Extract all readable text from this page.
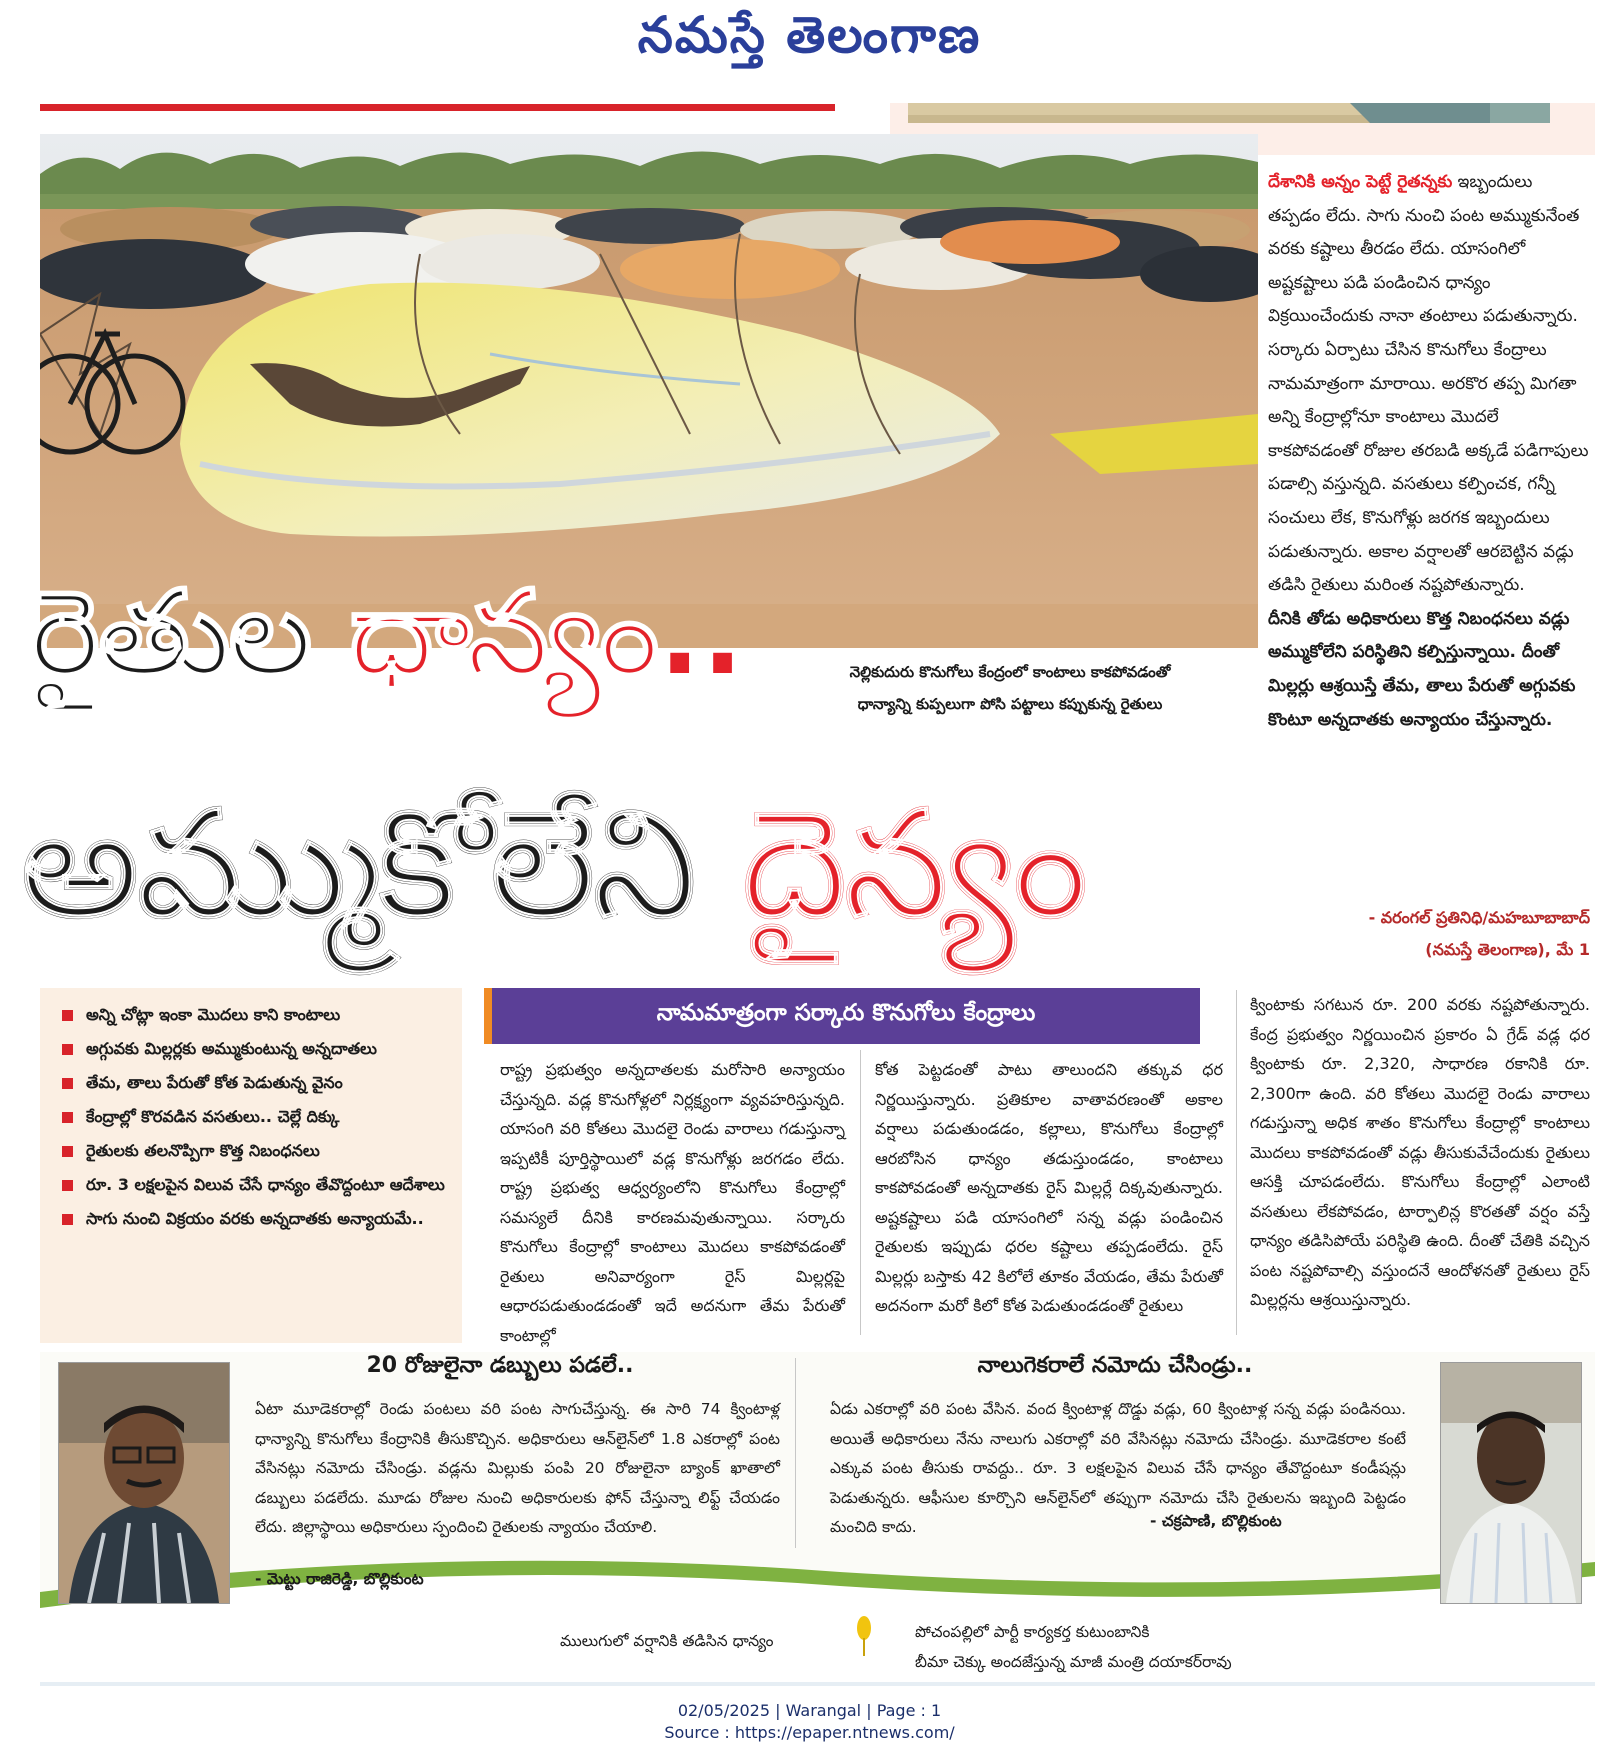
నమస్తే తెలంగాణ
నెల్లికుదురు కొనుగోలు కేంద్రంలో కాంటాలు కాకపోవడంతో
ధాన్యాన్ని కుప్పలుగా పోసి పట్టాలు కప్పుకున్న రైతులు
రైతుల ధాన్యం..
అమ్ముకోలేని దైన్యం

దేశానికి అన్నం పెట్టే రైతన్నకు ఇబ్బందులు తప్పడం లేదు. సాగు నుంచి పంట అమ్ముకునేంత వరకు కష్టాలు తీరడం లేదు. యాసంగిలో అష్టకష్టాలు పడి పండించిన ధాన్యం విక్రయించేందుకు నానా తంటాలు పడుతున్నారు. సర్కారు ఏర్పాటు చేసిన కొనుగోలు కేంద్రాలు నామమాత్రంగా మారాయి. అరకొర తప్ప మిగతా అన్ని కేంద్రాల్లోనూ కాంటాలు మొదలే కాకపోవడంతో రోజుల తరబడి అక్కడే పడిగాపులు పడాల్సి వస్తున్నది. వసతులు కల్పించక, గన్నీ సంచులు లేక, కొనుగోళ్లు జరగక ఇబ్బందులు పడుతున్నారు. అకాల వర్షాలతో ఆరబెట్టిన వడ్లు తడిసి రైతులు మరింత నష్టపోతున్నారు.

దీనికి తోడు అధికారులు కొత్త నిబంధనలు వడ్లు అమ్ముకోలేని పరిస్థితిని కల్పిస్తున్నాయి. దీంతో మిల్లర్లు ఆశ్రయిస్తే తేమ, తాలు పేరుతో అగ్గువకు కొంటూ అన్నదాతకు అన్యాయం చేస్తున్నారు.

- వరంగల్ ప్రతినిధి/మహబూబాబాద్
(నమస్తే తెలంగాణ), మే 1
అన్ని చోట్లా ఇంకా మొదలు కాని కాంటాలు
అగ్గువకు మిల్లర్లకు అమ్ముకుంటున్న అన్నదాతలు
తేమ, తాలు పేరుతో కోత పెడుతున్న వైనం
కేంద్రాల్లో కొరవడిన వసతులు.. చెల్లే దిక్కు
రైతులకు తలనొప్పిగా కొత్త నిబంధనలు
రూ. 3 లక్షలపైన విలువ చేసే ధాన్యం తేవొద్దంటూ ఆదేశాలు
సాగు నుంచి విక్రయం వరకు అన్నదాతకు అన్యాయమే..
నామమాత్రంగా సర్కారు కొనుగోలు కేంద్రాలు

రాష్ట్ర ప్రభుత్వం అన్నదాతలకు మరోసారి అన్యాయం చేస్తున్నది. వడ్ల కొనుగోళ్లలో నిర్లక్ష్యంగా వ్యవహరిస్తున్నది. యాసంగి వరి కోతలు మొదలై రెండు వారాలు గడుస్తున్నా ఇప్పటికీ పూర్తిస్థాయిలో వడ్ల కొనుగోళ్లు జరగడం లేదు. రాష్ట్ర ప్రభుత్వ ఆధ్వర్యంలోని కొనుగోలు కేంద్రాల్లో సమస్యలే దీనికి కారణమవుతున్నాయి. సర్కారు కొనుగోలు కేంద్రాల్లో కాంటాలు మొదలు కాకపోవడంతో రైతులు అనివార్యంగా రైస్ మిల్లర్లపై ఆధారపడుతుండడంతో ఇదే అదనుగా తేమ పేరుతో కాంటాల్లో

కోత పెట్టడంతో పాటు తాలుందని తక్కువ ధర నిర్ణయిస్తున్నారు. ప్రతికూల వాతావరణంతో అకాల వర్షాలు పడుతుండడం, కల్లాలు, కొనుగోలు కేంద్రాల్లో ఆరబోసిన ధాన్యం తడుస్తుండడం, కాంటాలు కాకపోవడంతో అన్నదాతకు రైస్ మిల్లర్లే దిక్కవుతున్నారు. అష్టకష్టాలు పడి యాసంగిలో సన్న వడ్లు పండించిన రైతులకు ఇప్పుడు ధరల కష్టాలు తప్పడంలేదు. రైస్ మిల్లర్లు బస్తాకు 42 కిలోలే తూకం వేయడం, తేమ పేరుతో అదనంగా మరో కిలో కోత పెడుతుండడంతో రైతులు

క్వింటాకు సగటున రూ. 200 వరకు నష్టపోతున్నారు. కేంద్ర ప్రభుత్వం నిర్ణయించిన ప్రకారం ఏ గ్రేడ్ వడ్ల ధర క్వింటాకు రూ. 2,320, సాధారణ రకానికి రూ. 2,300గా ఉంది. వరి కోతలు మొదలై రెండు వారాలు గడుస్తున్నా అధిక శాతం కొనుగోలు కేంద్రాల్లో కాంటాలు మొదలు కాకపోవడంతో వడ్లు తీసుకువేచేందుకు రైతులు ఆసక్తి చూపడంలేదు. కొనుగోలు కేంద్రాల్లో ఎలాంటి వసతులు లేకపోవడం, టార్పాలిన్ల కొరతతో వర్షం వస్తే ధాన్యం తడిసిపోయే పరిస్థితి ఉంది. దీంతో చేతికి వచ్చిన పంట నష్టపోవాల్సి వస్తుందనే ఆందోళనతో రైతులు రైస్ మిల్లర్లను ఆశ్రయిస్తున్నారు.

20 రోజులైనా డబ్బులు పడలే..
ఏటా మూడెకరాల్లో రెండు పంటలు వరి పంట సాగుచేస్తున్న. ఈ సారి 74 క్వింటాళ్ల ధాన్యాన్ని కొనుగోలు కేంద్రానికి తీసుకొచ్చిన. అధికారులు ఆన్‌లైన్‌లో 1.8 ఎకరాల్లో పంట వేసినట్లు నమోదు చేసిండ్రు. వడ్లను మిల్లుకు పంపి 20 రోజులైనా బ్యాంక్ ఖాతాలో డబ్బులు పడలేదు. మూడు రోజుల నుంచి అధికారులకు ఫోన్ చేస్తున్నా లిఫ్ట్ చేయడం లేదు. జిల్లాస్థాయి అధికారులు స్పందించి రైతులకు న్యాయం చేయాలి.
- మెట్టు రాజిరెడ్డి, బొల్లికుంట
నాలుగెకరాలే నమోదు చేసిండ్రు..
ఏడు ఎకరాల్లో వరి పంట వేసిన. వంద క్వింటాళ్ల దొడ్డు వడ్లు, 60 క్వింటాళ్ల సన్న వడ్లు పండినయి. అయితే అధికారులు నేను నాలుగు ఎకరాల్లో వరి వేసినట్లు నమోదు చేసిండ్రు. మూడెకరాల కంటే ఎక్కువ పంట తీసుకు రావద్దు.. రూ. 3 లక్షలపైన విలువ చేసే ధాన్యం తేవొద్దంటూ కండీషన్లు పెడుతున్నరు. ఆఫీసుల కూర్చొని ఆన్‌లైన్‌లో తప్పుగా నమోదు చేసి రైతులను ఇబ్బంది పెట్టడం మంచిది కాదు.	- చక్రపాణి, బొల్లికుంట
ములుగులో వర్షానికి తడిసిన ధాన్యం	పోచంపల్లిలో పార్టీ కార్యకర్త కుటుంబానికి
బీమా చెక్కు అందజేస్తున్న మాజీ మంత్రి దయాకర్‌రావు
02/05/2025 | Warangal | Page : 1
Source : https://epaper.ntnews.com/
